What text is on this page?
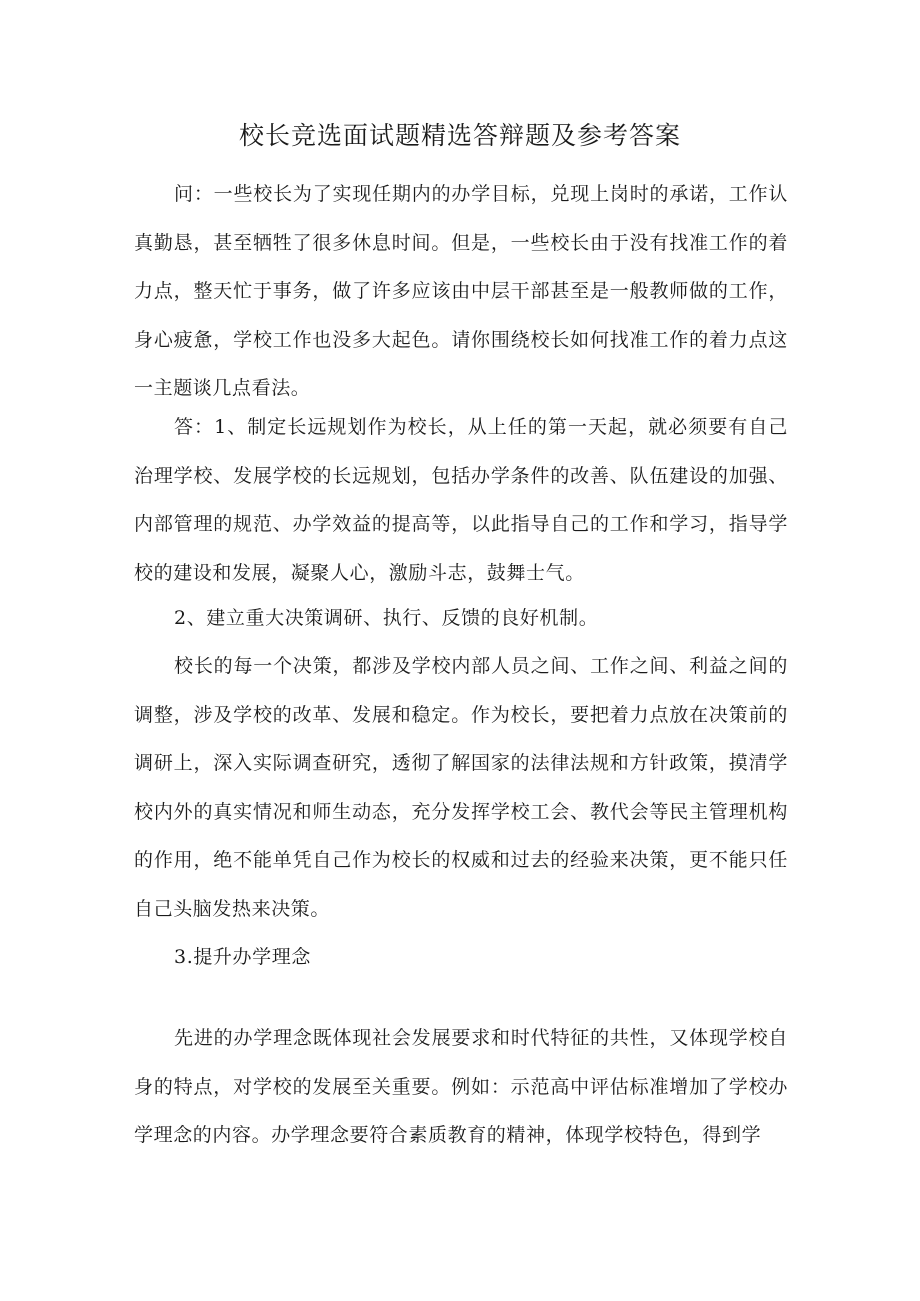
校长竞选面试题精选答辩题及参考答案

问：一些校长为了实现任期内的办学目标，兑现上岗时的承诺，工作认真勤恳，甚至牺牲了很多休息时间。但是，一些校长由于没有找准工作的着力点，整天忙于事务，做了许多应该由中层干部甚至是一般教师做的工作，身心疲惫，学校工作也没多大起色。请你围绕校长如何找准工作的着力点这一主题谈几点看法。

答：1、制定长远规划作为校长，从上任的第一天起，就必须要有自己治理学校、发展学校的长远规划，包括办学条件的改善、队伍建设的加强、内部管理的规范、办学效益的提高等，以此指导自己的工作和学习，指导学校的建设和发展，凝聚人心，激励斗志，鼓舞士气。

2、建立重大决策调研、执行、反馈的良好机制。

校长的每一个决策，都涉及学校内部人员之间、工作之间、利益之间的调整，涉及学校的改革、发展和稳定。作为校长，要把着力点放在决策前的调研上，深入实际调查研究，透彻了解国家的法律法规和方针政策，摸清学校内外的真实情况和师生动态，充分发挥学校工会、教代会等民主管理机构的作用，绝不能单凭自己作为校长的权威和过去的经验来决策，更不能只任自己头脑发热来决策。

3.提升办学理念

先进的办学理念既体现社会发展要求和时代特征的共性，又体现学校自身的特点，对学校的发展至关重要。例如：示范高中评估标准增加了学校办学理念的内容。办学理念要符合素质教育的精神，体现学校特色，得到学
